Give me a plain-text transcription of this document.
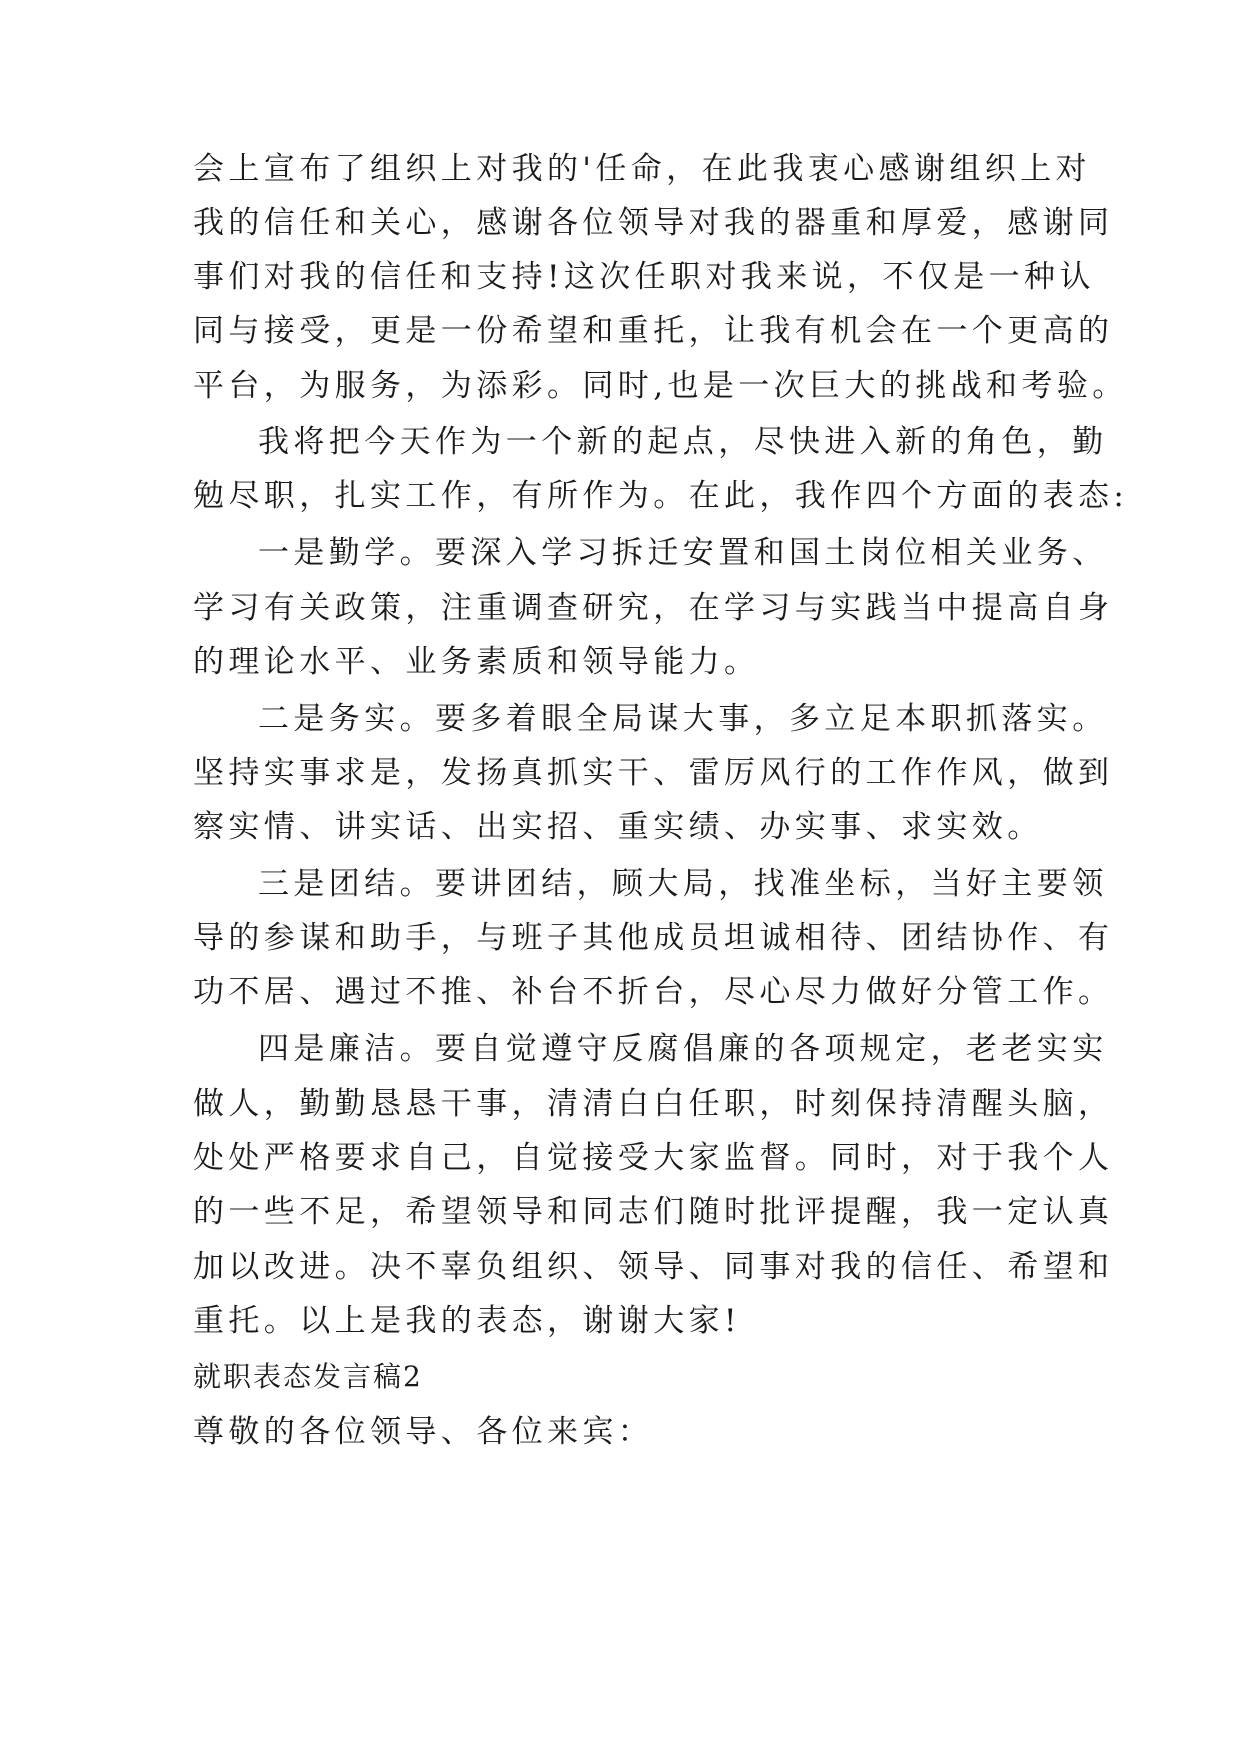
会上宣布了组织上对我的'任命，在此我衷心感谢组织上对
我的信任和关心，感谢各位领导对我的器重和厚爱，感谢同
事们对我的信任和支持!这次任职对我来说，不仅是一种认
同与接受，更是一份希望和重托，让我有机会在一个更高的
平台，为服务，为添彩。同时,也是一次巨大的挑战和考验。
我将把今天作为一个新的起点，尽快进入新的角色，勤
勉尽职，扎实工作，有所作为。在此，我作四个方面的表态:
一是勤学。要深入学习拆迁安置和国土岗位相关业务、
学习有关政策，注重调查研究，在学习与实践当中提高自身
的理论水平、业务素质和领导能力。
二是务实。要多着眼全局谋大事，多立足本职抓落实。
坚持实事求是，发扬真抓实干、雷厉风行的工作作风，做到
察实情、讲实话、出实招、重实绩、办实事、求实效。
三是团结。要讲团结，顾大局，找准坐标，当好主要领
导的参谋和助手，与班子其他成员坦诚相待、团结协作、有
功不居、遇过不推、补台不折台，尽心尽力做好分管工作。
四是廉洁。要自觉遵守反腐倡廉的各项规定，老老实实
做人，勤勤恳恳干事，清清白白任职，时刻保持清醒头脑，
处处严格要求自己，自觉接受大家监督。同时，对于我个人
的一些不足，希望领导和同志们随时批评提醒，我一定认真
加以改进。决不辜负组织、领导、同事对我的信任、希望和
重托。以上是我的表态，谢谢大家!
就职表态发言稿2
尊敬的各位领导、各位来宾：
